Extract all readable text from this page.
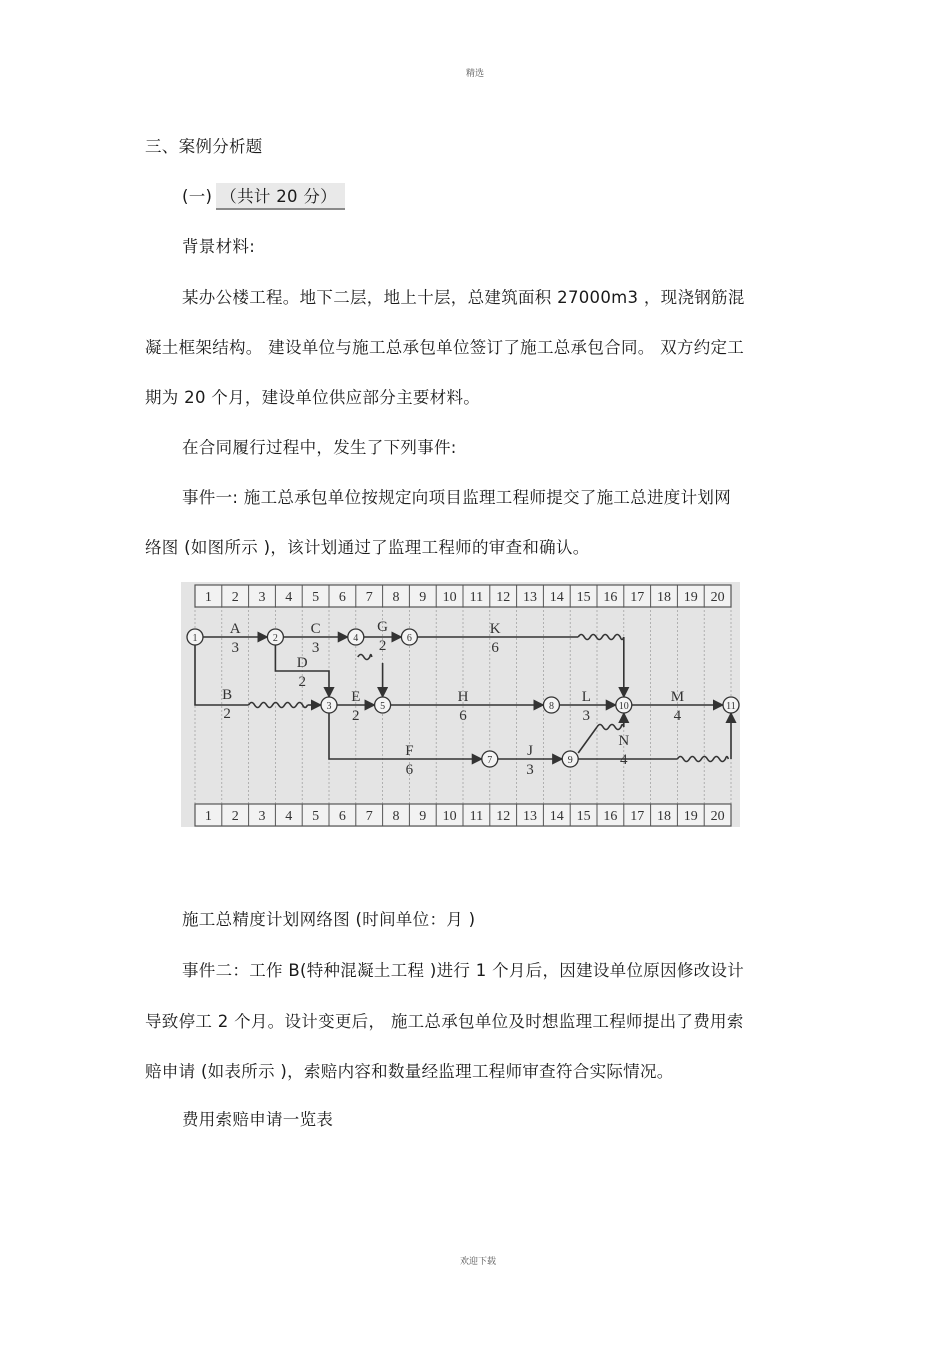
精选
欢迎下载
三、案例分析题
(一) （共计 20 分）
背景材料:
某办公楼工程。地下二层，地上十层，总建筑面积 27000m3 ，现浇钢筋混
凝土框架结构。 建设单位与施工总承包单位签订了施工总承包合同。 双方约定工
期为 20 个月，建设单位供应部分主要材料。
在合同履行过程中，发生了下列事件:
事件一: 施工总承包单位按规定向项目监理工程师提交了施工总进度计划网
络图 (如图所示 )，该计划通过了监理工程师的审查和确认。
1 2 3 4 5 6 7 8 9 10 11 12 13 14 15 16 17 18 19 20
1 2 3 4 5 6 7 8 9 10 11 12 13 14 15 16 17 18 19 20
1	2
3
4
5
6
7
8
9
10	11
A
3
B
2
C
3
D
2
E
2
F
6
G
2
H
6
J
3
K
6
L
3
M
4
N
4
施工总精度计划网络图 (时间单位：月 )
事件二：工作 B(特种混凝土工程 )进行 1 个月后，因建设单位原因修改设计
导致停工 2 个月。设计变更后， 施工总承包单位及时想监理工程师提出了费用索
赔申请 (如表所示 )，索赔内容和数量经监理工程师审查符合实际情况。
费用索赔申请一览表
